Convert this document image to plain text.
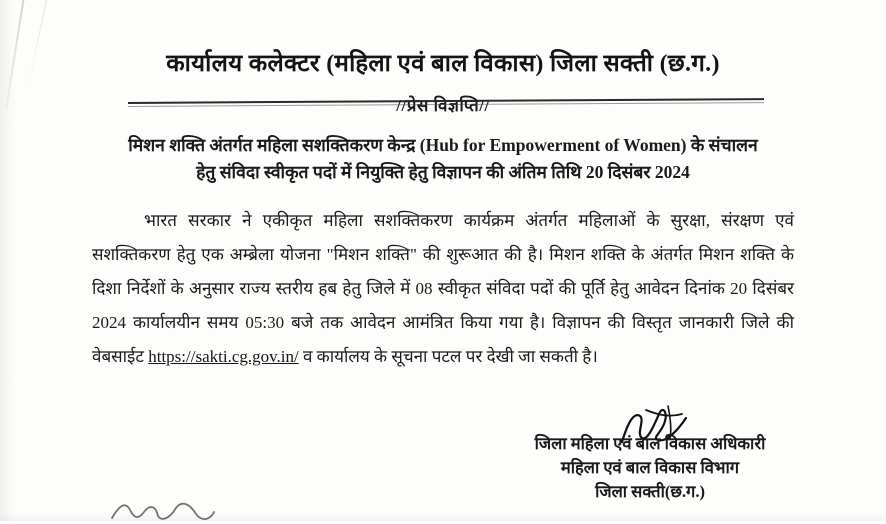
कार्यालय कलेक्टर (महिला एवं बाल विकास) जिला सक्ती (छ.ग.)
//प्रेस विज्ञप्ति//
मिशन शक्ति अंतर्गत महिला सशक्तिकरण केन्द्र (Hub for Empowerment of Women) के संचालन
हेतु संविदा स्वीकृत पदों में नियुक्ति हेतु विज्ञापन की अंतिम तिथि 20 दिसंबर 2024

भारत सरकार ने एकीकृत महिला सशक्तिकरण कार्यक्रम अंतर्गत महिलाओं के सुरक्षा, संरक्षण एवं सशक्तिकरण हेतु एक अम्ब्रेला योजना "मिशन शक्ति" की शुरूआत की है। मिशन शक्ति के अंतर्गत मिशन शक्ति के दिशा निर्देशों के अनुसार राज्य स्तरीय हब हेतु जिले में 08 स्वीकृत संविदा पदों की पूर्ति हेतु आवेदन दिनांक 20 दिसंबर 2024 कार्यालयीन समय 05:30 बजे तक आवेदन आमंत्रित किया गया है। विज्ञापन की विस्तृत जानकारी जिले की वेबसाईट https://sakti.cg.gov.in/ व कार्यालय के सूचना पटल पर देखी जा सकती है।

जिला महिला एवं बाल विकास अधिकारी
महिला एवं बाल विकास विभाग
जिला सक्ती(छ.ग.)
